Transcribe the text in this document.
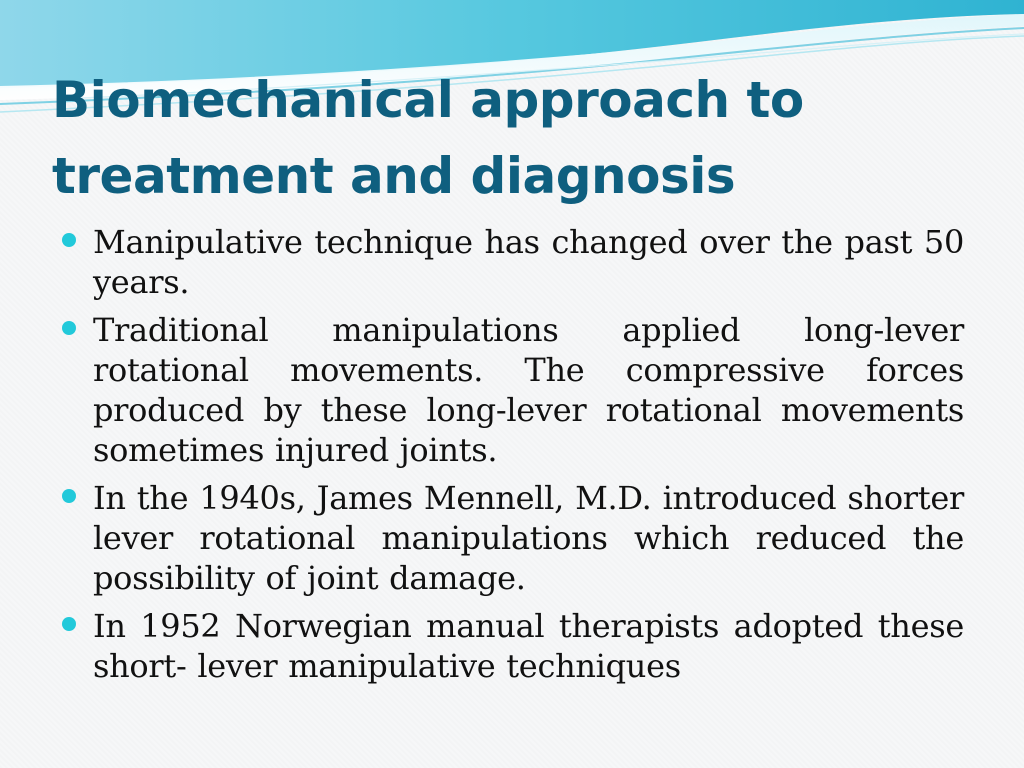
Biomechanical approach to treatment and diagnosis
Manipulative technique has changed over the past 50 years.
Traditional manipulations applied long-lever rotational movements. The compressive forces produced by these long-lever rotational movements sometimes injured joints.
In the 1940s, James Mennell, M.D. introduced shorter lever rotational manipulations which reduced the possibility of joint damage.
In 1952 Norwegian manual therapists adopted these short- lever manipulative techniques
